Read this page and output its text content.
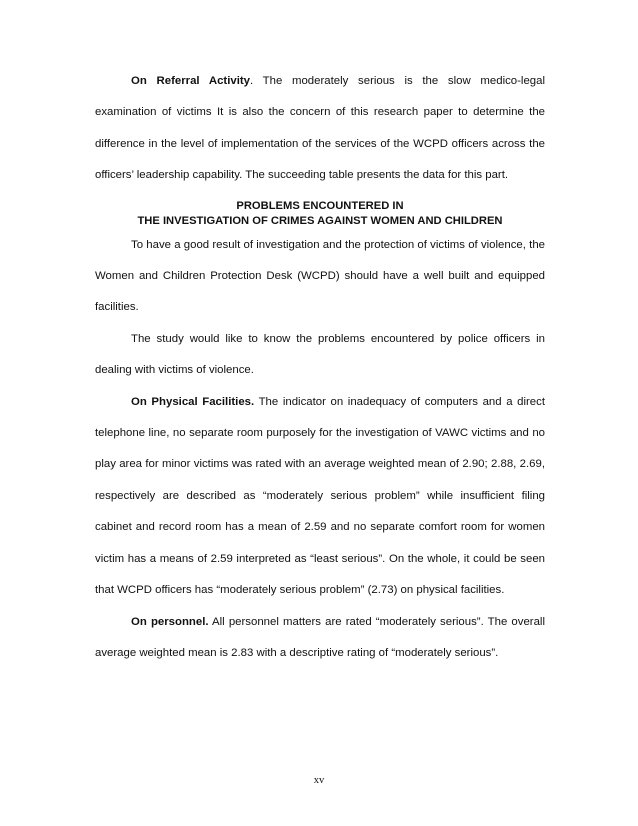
On Referral Activity. The moderately serious is the slow medico-legal examination of victims It is also the concern of this research paper to determine the difference in the level of implementation of the services of the WCPD officers across the officers’ leadership capability. The succeeding table presents the data for this part.

PROBLEMS ENCOUNTERED IN
THE INVESTIGATION OF CRIMES AGAINST WOMEN AND CHILDREN

To have a good result of investigation and the protection of victims of violence, the Women and Children Protection Desk (WCPD) should have a well built and equipped facilities.

The study would like to know the problems encountered by police officers in dealing with victims of violence.

On Physical Facilities. The indicator on inadequacy of computers and a direct telephone line, no separate room purposely for the investigation of VAWC victims and no play area for minor victims was rated with an average weighted mean of 2.90; 2.88, 2.69, respectively are described as “moderately serious problem” while insufficient filing cabinet and record room has a mean of 2.59 and no separate comfort room for women victim has a means of 2.59 interpreted as “least serious”. On the whole, it could be seen that WCPD officers has “moderately serious problem” (2.73) on physical facilities.

On personnel. All personnel matters are rated “moderately serious”. The overall average weighted mean is 2.83 with a descriptive rating of “moderately serious”.

xv
